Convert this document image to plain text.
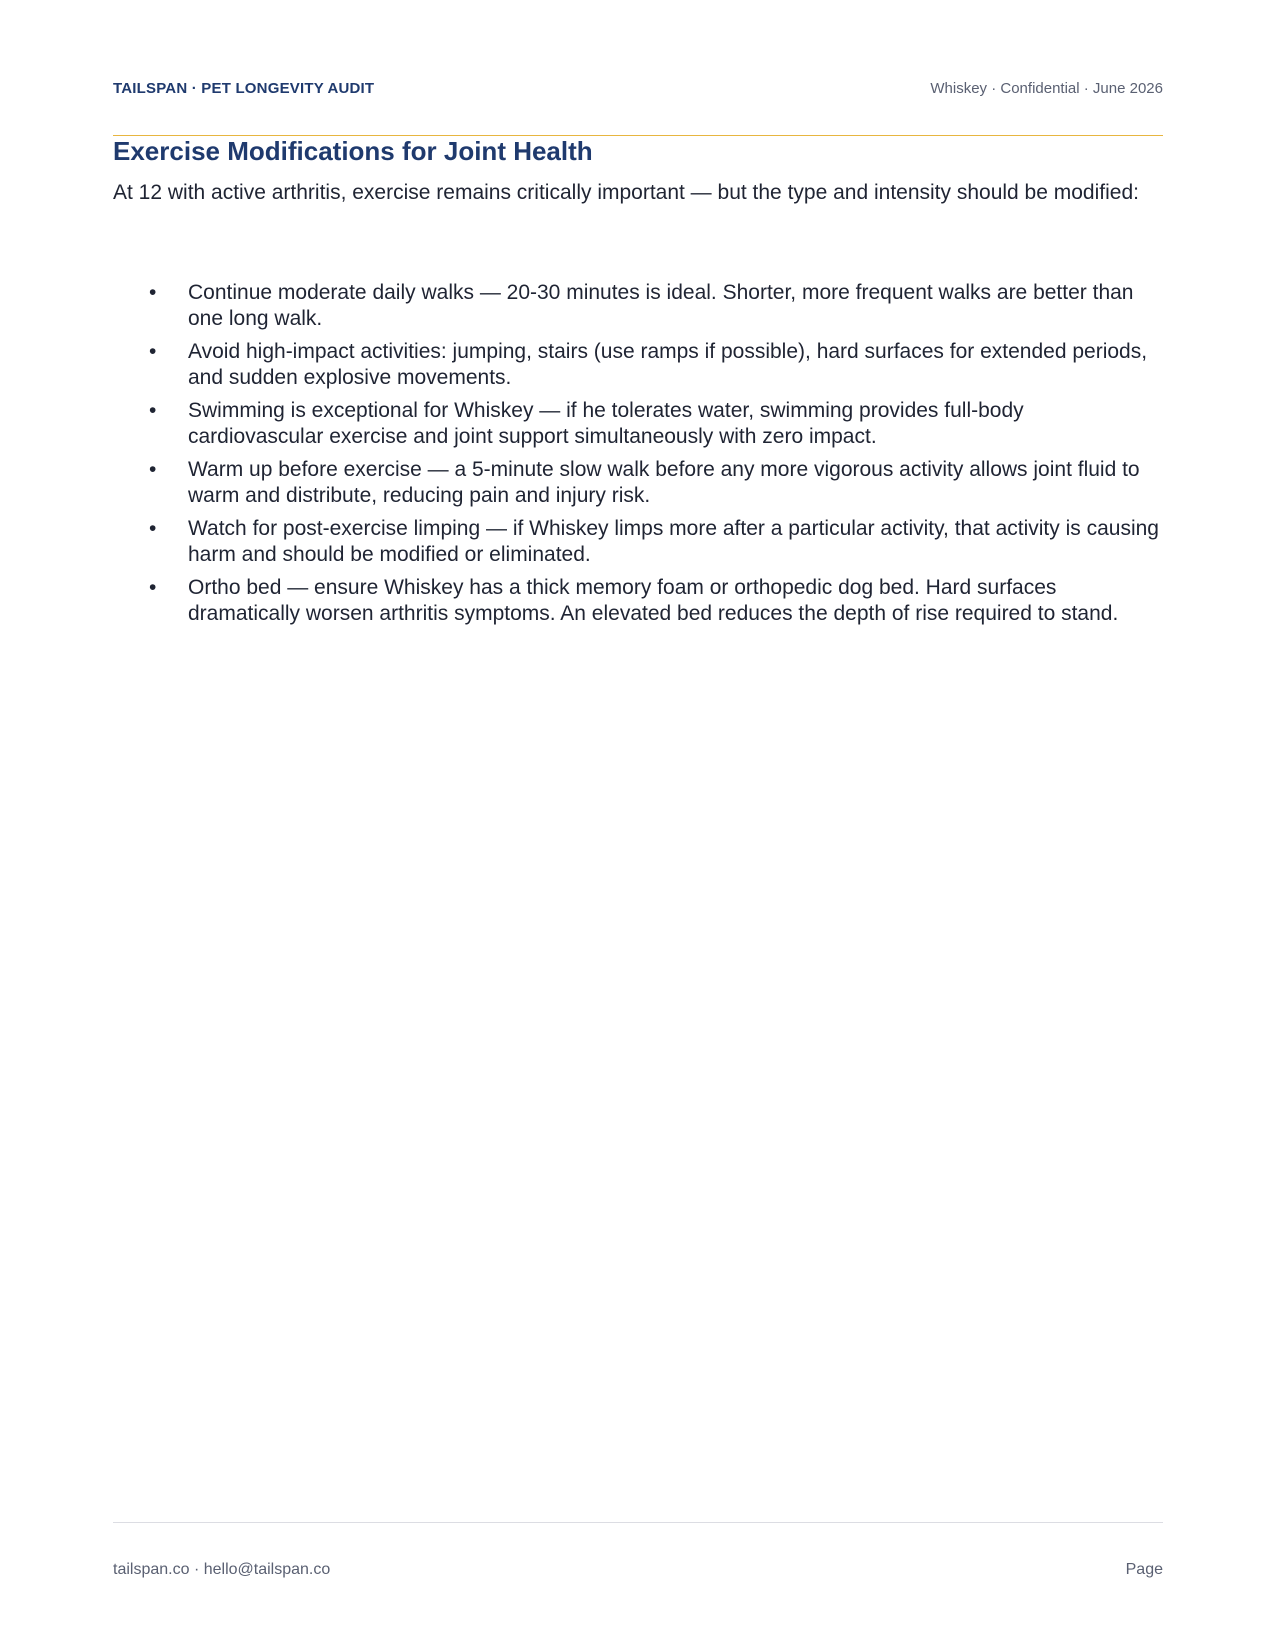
TAILSPAN · PET LONGEVITY AUDIT	Whiskey · Confidential · June 2026
Exercise Modifications for Joint Health

At 12 with active arthritis, exercise remains critically important — but the type and intensity should be modified:

• Continue moderate daily walks — 20-30 minutes is ideal. Shorter, more frequent walks are better than one long walk.
• Avoid high-impact activities: jumping, stairs (use ramps if possible), hard surfaces for extended periods, and sudden explosive movements.
• Swimming is exceptional for Whiskey — if he tolerates water, swimming provides full-body cardiovascular exercise and joint support simultaneously with zero impact.
• Warm up before exercise — a 5-minute slow walk before any more vigorous activity allows joint fluid to warm and distribute, reducing pain and injury risk.
• Watch for post-exercise limping — if Whiskey limps more after a particular activity, that activity is causing harm and should be modified or eliminated.
• Ortho bed — ensure Whiskey has a thick memory foam or orthopedic dog bed. Hard surfaces dramatically worsen arthritis symptoms. An elevated bed reduces the depth of rise required to stand.
tailspan.co · hello@tailspan.co	Page
